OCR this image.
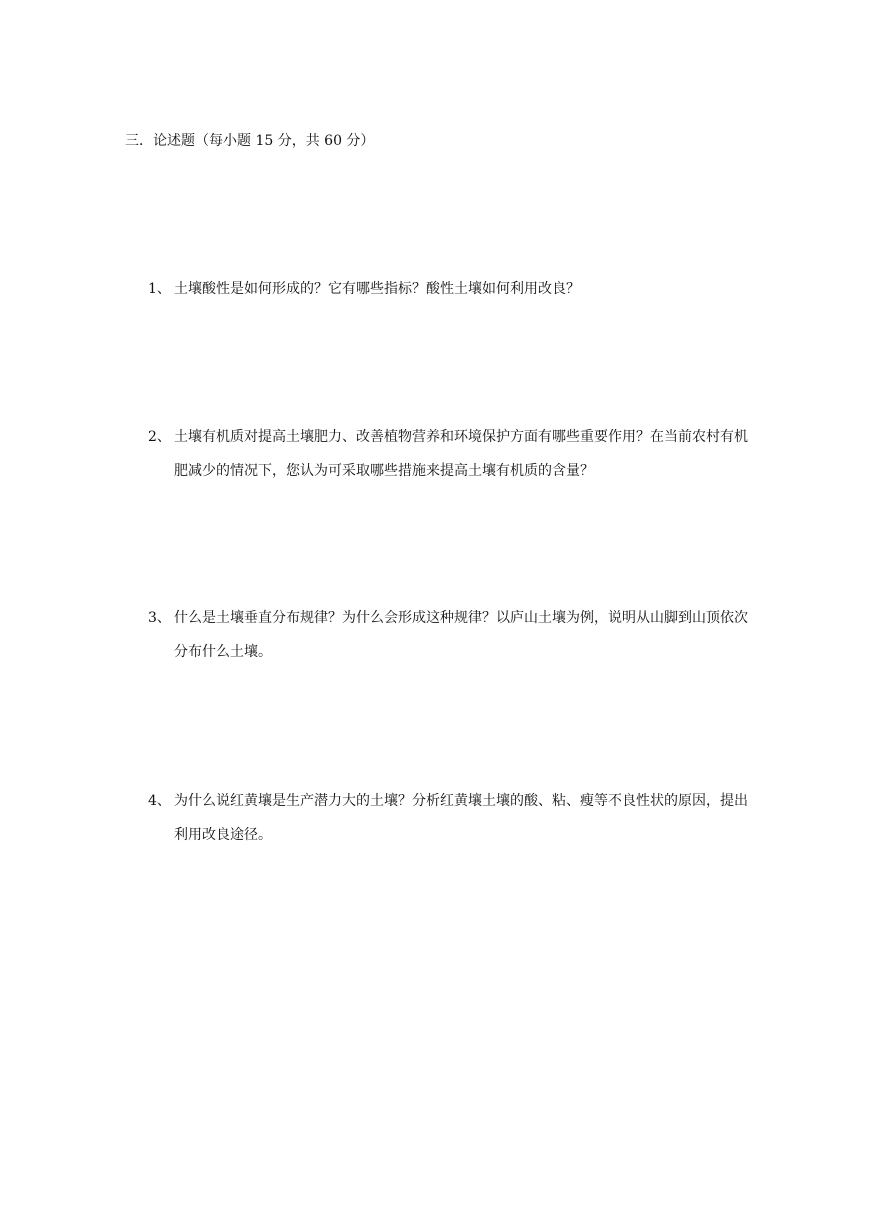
三．论述题（每小题 15 分，共 60 分）
1、 土壤酸性是如何形成的？它有哪些指标？酸性土壤如何利用改良？
2、 土壤有机质对提高土壤肥力、改善植物营养和环境保护方面有哪些重要作用？在当前农村有机肥减少的情况下，您认为可采取哪些措施来提高土壤有机质的含量？
3、 什么是土壤垂直分布规律？为什么会形成这种规律？以庐山土壤为例，说明从山脚到山顶依次分布什么土壤。
4、 为什么说红黄壤是生产潜力大的土壤？分析红黄壤土壤的酸、粘、瘦等不良性状的原因，提出利用改良途径。
